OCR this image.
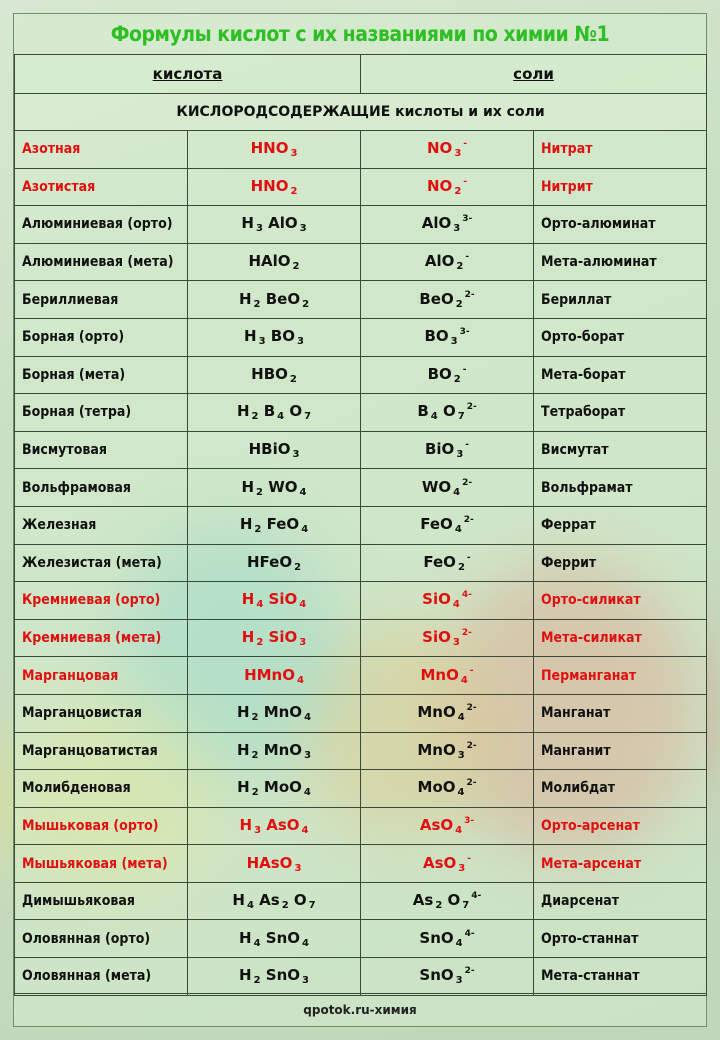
Формулы кислот с их названиями по химии №1
кислота		соли	
КИСЛОРОДСОДЕРЖАЩИЕ кислоты и их соли			
Азотная	HNO $_3$	NO $_3$-	Нитрат
Азотистая	HNO $_2$	NO $_2$-	Нитрит
Алюминиевая (орто)	H $_3$ AlO $_3$	AlO $_3^{3-}$	Орто-алюминат
Алюминиевая (мета)	HAlO $_2$	AlO $_2$-	Мета-алюминат
Бериллиевая	H $_2$ BeO $_2$	BeO $_2^{2-}$	Бериллат
Борная (орто)	H $_3$ BO $_3$	BO $_3^{3-}$	Орто-борат
Борная (мета)	HBO $_2$	BO $_2$-	Мета-борат
Борная (тетра)	H $_2$ B $_4$ O $_7$	B $_4$ O $_7^{2-}$	Тетраборат
Висмутовая	HBiO $_3$	BiO $_3$-	Висмутат
Вольфрамовая	H $_2$ WO $_4$	WO $_4^{2-}$	Вольфрамат
Железная	H $_2$ FeO $_4$	FeO $_4^{2-}$	Феррат
Железистая (мета)	HFeO $_2$	FeO $_2$-	Феррит
Кремниевая (орто)	H $_4$ SiO $_4$	SiO $_4^{4-}$	Орто-силикат
Кремниевая (мета)	H $_2$ SiO $_3$	SiO $_3^{2-}$	Мета-силикат
Марганцовая	HMnO $_4$	MnO $_4$-	Перманганат
Марганцовистая	H $_2$ MnO $_4$	MnO $_4^{2-}$	Манганат
Марганцоватистая	H $_2$ MnO $_3$	MnO $_3^{2-}$	Манганит
Молибденовая	H $_2$ MoO $_4$	MoO $_4^{2-}$	Молибдат
Мышьковая (орто)	H $_3$ AsO $_4$	AsO $_4^{3-}$	Орто-арсенат
Мышьяковая (мета)	HAsO $_3$	AsO $_3$-	Мета-арсенат
Димышьяковая	H $_4$ As $_2$ O $_7$	As $_2$ O $_7^{4-}$	Диарсенат
Оловянная (орто)	H $_4$ SnO $_4$	SnO $_4^{4-}$	Орто-станнат
Оловянная (мета)	H $_2$ SnO $_3$	SnO $_3^{2-}$	Мета-станнат
qpotok.ru-химия
